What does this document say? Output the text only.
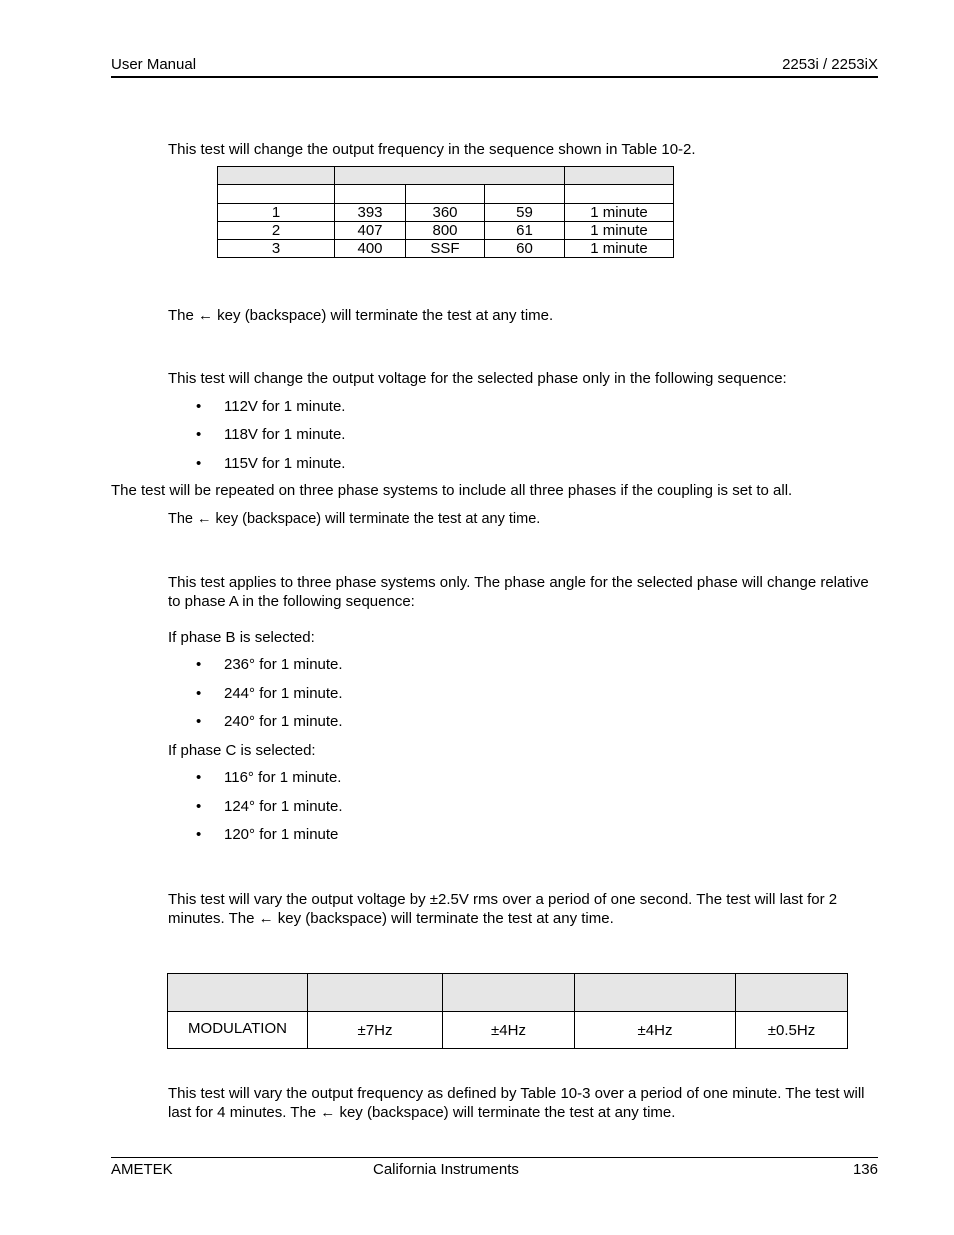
User Manual	2253i / 2253iX
This test will change the output frequency in the sequence shown in Table 10-2.

1	393	360	59	1 minute
2	407	800	61	1 minute
3	400	SSF	60	1 minute
The ← key (backspace) will terminate the test at any time.
This test will change the output voltage for the selected phase only in the following sequence:
• 112V for 1 minute.
• 118V for 1 minute.
• 115V for 1 minute.
The test will be repeated on three phase systems to include all three phases if the coupling is set to all.
The ← key (backspace) will terminate the test at any time.
This test applies to three phase systems only. The phase angle for the selected phase will change relative to phase A in the following sequence:
If phase B is selected:
• 236° for 1 minute.
• 244° for 1 minute.
• 240° for 1 minute.
If phase C is selected:
• 116° for 1 minute.
• 124° for 1 minute.
• 120° for 1 minute
This test will vary the output voltage by ±2.5V rms over a period of one second. The test will last for 2 minutes. The ← key (backspace) will terminate the test at any time.

MODULATION	±7Hz	±4Hz	±4Hz	±0.5Hz
This test will vary the output frequency as defined by Table 10-3 over a period of one minute. The test will last for 4 minutes. The ← key (backspace) will terminate the test at any time.
AMETEK	California Instruments	136
